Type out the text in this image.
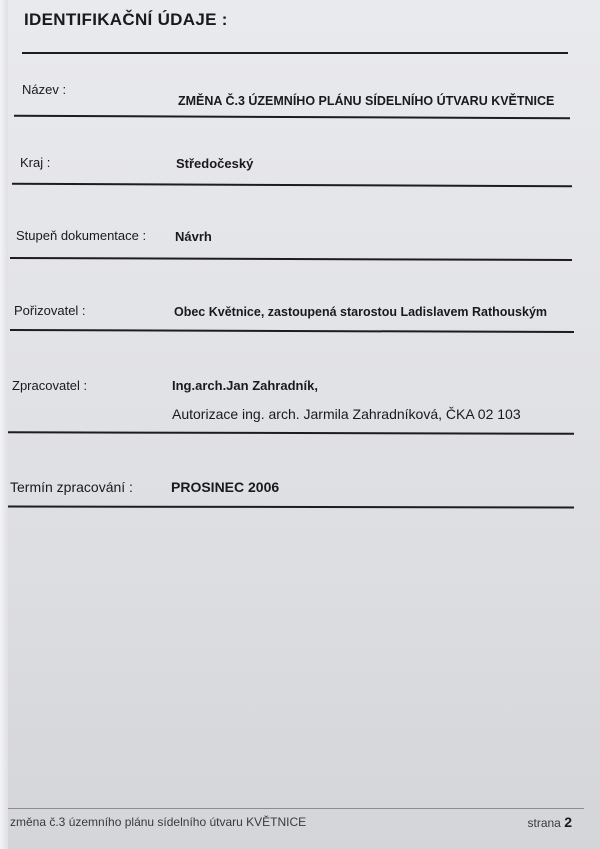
IDENTIFIKAČNÍ ÚDAJE :
Název :
ZMĚNA Č.3 ÚZEMNÍHO PLÁNU SÍDELNÍHO ÚTVARU KVĚTNICE
Kraj :	Středočeský
Stupeň dokumentace : Návrh
Pořizovatel :	Obec Květnice, zastoupená starostou Ladislavem Rathouským
Zpracovatel :	Ing.arch.Jan Zahradník,
Autorizace ing. arch. Jarmila Zahradníková, ČKA 02 103
Termín zpracování :	PROSINEC 2006
změna č.3 územního plánu sídelního útvaru KVĚTNICE	strana 2
